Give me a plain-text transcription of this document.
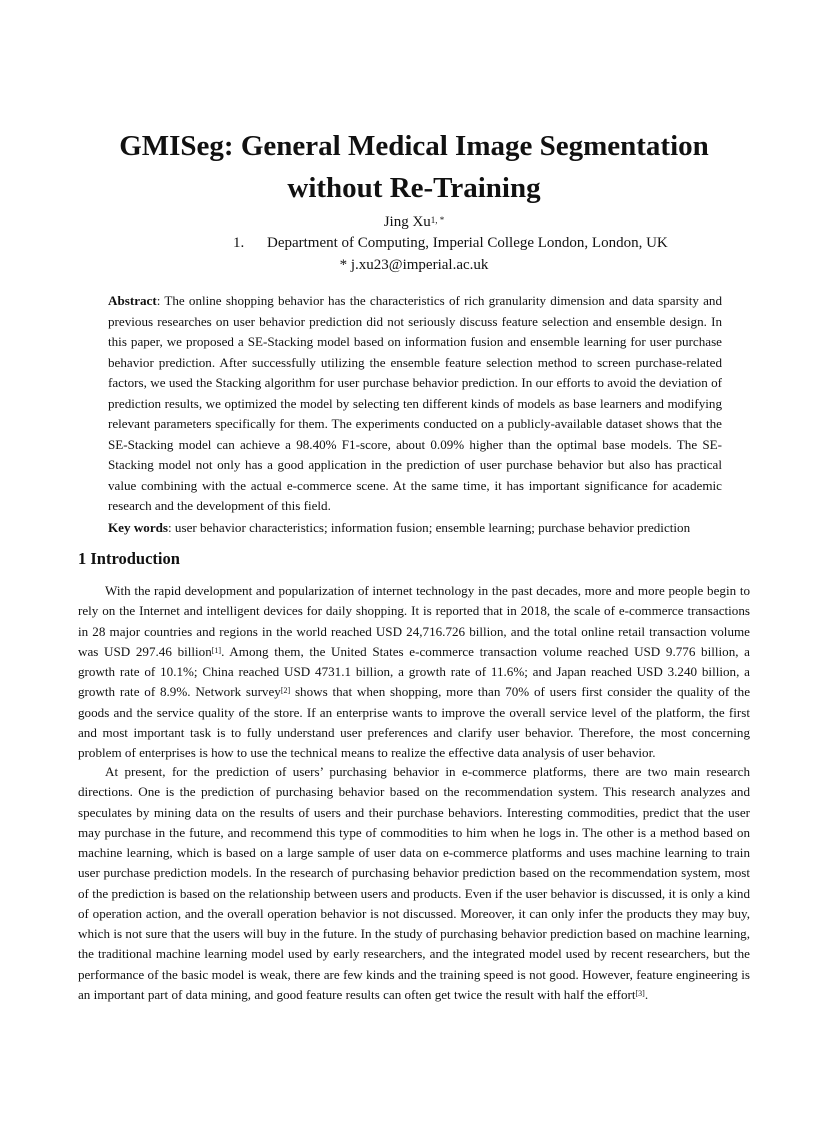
GMISeg: General Medical Image Segmentation
without Re-Training
Jing $Xu^{1, *}$
1. Department of Computing, Imperial College London, London, UK
* j.xu23@imperial.ac.uk

Abstract: The online shopping behavior has the characteristics of rich granularity dimension and data sparsity and previous researches on user behavior prediction did not seriously discuss feature selection and ensemble design. In this paper, we proposed a SE-Stacking model based on information fusion and ensemble learning for user purchase behavior prediction. After successfully utilizing the ensemble feature selection method to screen purchase-related factors, we used the Stacking algorithm for user purchase behavior prediction. In our efforts to avoid the deviation of prediction results, we optimized the model by selecting ten different kinds of models as base learners and modifying relevant parameters specifically for them. The experiments conducted on a publicly-available dataset shows that the SE-Stacking model can achieve a 98.40% F1-score, about 0.09% higher than the optimal base models. The SE-Stacking model not only has a good application in the prediction of user purchase behavior but also has practical value combining with the actual e-commerce scene. At the same time, it has important significance for academic research and the development of this field.

Key words: user behavior characteristics; information fusion; ensemble learning; purchase behavior prediction

1 Introduction

With the rapid development and popularization of internet technology in the past decades, more and more people begin to rely on the Internet and intelligent devices for daily shopping. It is reported that in 2018, the scale of e-commerce transactions in 28 major countries and regions in the world reached USD 24,716.726 billion, and the total online retail transaction volume was USD 297.46 billion[1]. Among them, the United States e-commerce transaction volume reached USD 9.776 billion, a growth rate of 10.1%; China reached USD 4731.1 billion, a growth rate of 11.6%; and Japan reached USD 3.240 billion, a growth rate of 8.9%. Network survey[2] shows that when shopping, more than 70% of users first consider the quality of the goods and the service quality of the store. If an enterprise wants to improve the overall service level of the platform, the first and most important task is to fully understand user preferences and clarify user behavior. Therefore, the most concerning problem of enterprises is how to use the technical means to realize the effective data analysis of user behavior.

At present, for the prediction of users’ purchasing behavior in e-commerce platforms, there are two main research directions. One is the prediction of purchasing behavior based on the recommendation system. This research analyzes and speculates by mining data on the results of users and their purchase behaviors. Interesting commodities, predict that the user may purchase in the future, and recommend this type of commodities to him when he logs in. The other is a method based on machine learning, which is based on a large sample of user data on e-commerce platforms and uses machine learning to train user purchase prediction models. In the research of purchasing behavior prediction based on the recommendation system, most of the prediction is based on the relationship between users and products. Even if the user behavior is discussed, it is only a kind of operation action, and the overall operation behavior is not discussed. Moreover, it can only infer the products they may buy, which is not sure that the users will buy in the future. In the study of purchasing behavior prediction based on machine learning, the traditional machine learning model used by early researchers, and the integrated model used by recent researchers, but the performance of the basic model is weak, there are few kinds and the training speed is not good. However, feature engineering is an important part of data mining, and good feature results can often get twice the result with half the effort[3].
